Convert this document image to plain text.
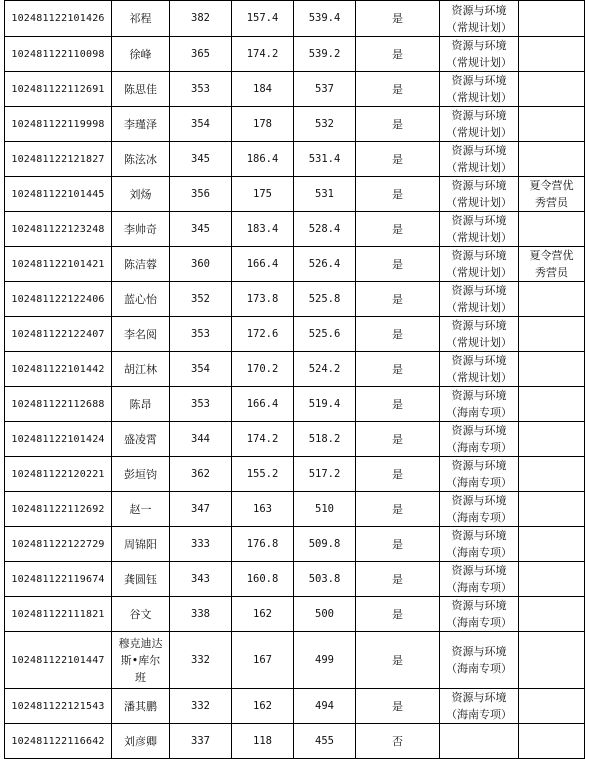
102481122101426	祁程	382	157.4	539.4	是	资源与环境
（常规计划）	

102481122110098	徐峰	365	174.2	539.2	是	资源与环境
（常规计划）	

102481122112691	陈思佳	353	184	537	是	资源与环境
（常规计划）	

102481122119998	李瑾泽	354	178	532	是	资源与环境
（常规计划）	

102481122121827	陈泫冰	345	186.4	531.4	是	资源与环境
（常规计划）	

102481122101445	刘炀	356	175	531	是	资源与环境
（常规计划）	夏令营优秀营员
102481122123248	李帅奇	345	183.4	528.4	是	资源与环境
（常规计划）	

102481122101421	陈洁蓉	360	166.4	526.4	是	资源与环境
（常规计划）	夏令营优秀营员
102481122122406	蓝心怡	352	173.8	525.8	是	资源与环境
（常规计划）	

102481122122407	李名阅	353	172.6	525.6	是	资源与环境
（常规计划）	

102481122101442	胡江林	354	170.2	524.2	是	资源与环境
（常规计划）	

102481122112688	陈昂	353	166.4	519.4	是	资源与环境
（海南专项）	

102481122101424	盛凌霄	344	174.2	518.2	是	资源与环境
（海南专项）	

102481122120221	彭垣钧	362	155.2	517.2	是	资源与环境
（海南专项）	

102481122112692	赵一	347	163	510	是	资源与环境
（海南专项）	

102481122122729	周锦阳	333	176.8	509.8	是	资源与环境
（海南专项）	

102481122119674	龚圆钰	343	160.8	503.8	是	资源与环境
（海南专项）	

102481122111821	谷文	338	162	500	是	资源与环境
（海南专项）	

102481122101447	穆克迪达斯•库尔班	332	167	499	是	资源与环境
（海南专项）	

102481122121543	潘其鹏	332	162	494	是	资源与环境
（海南专项）	

102481122116642	刘彦卿	337	118	455	否	
